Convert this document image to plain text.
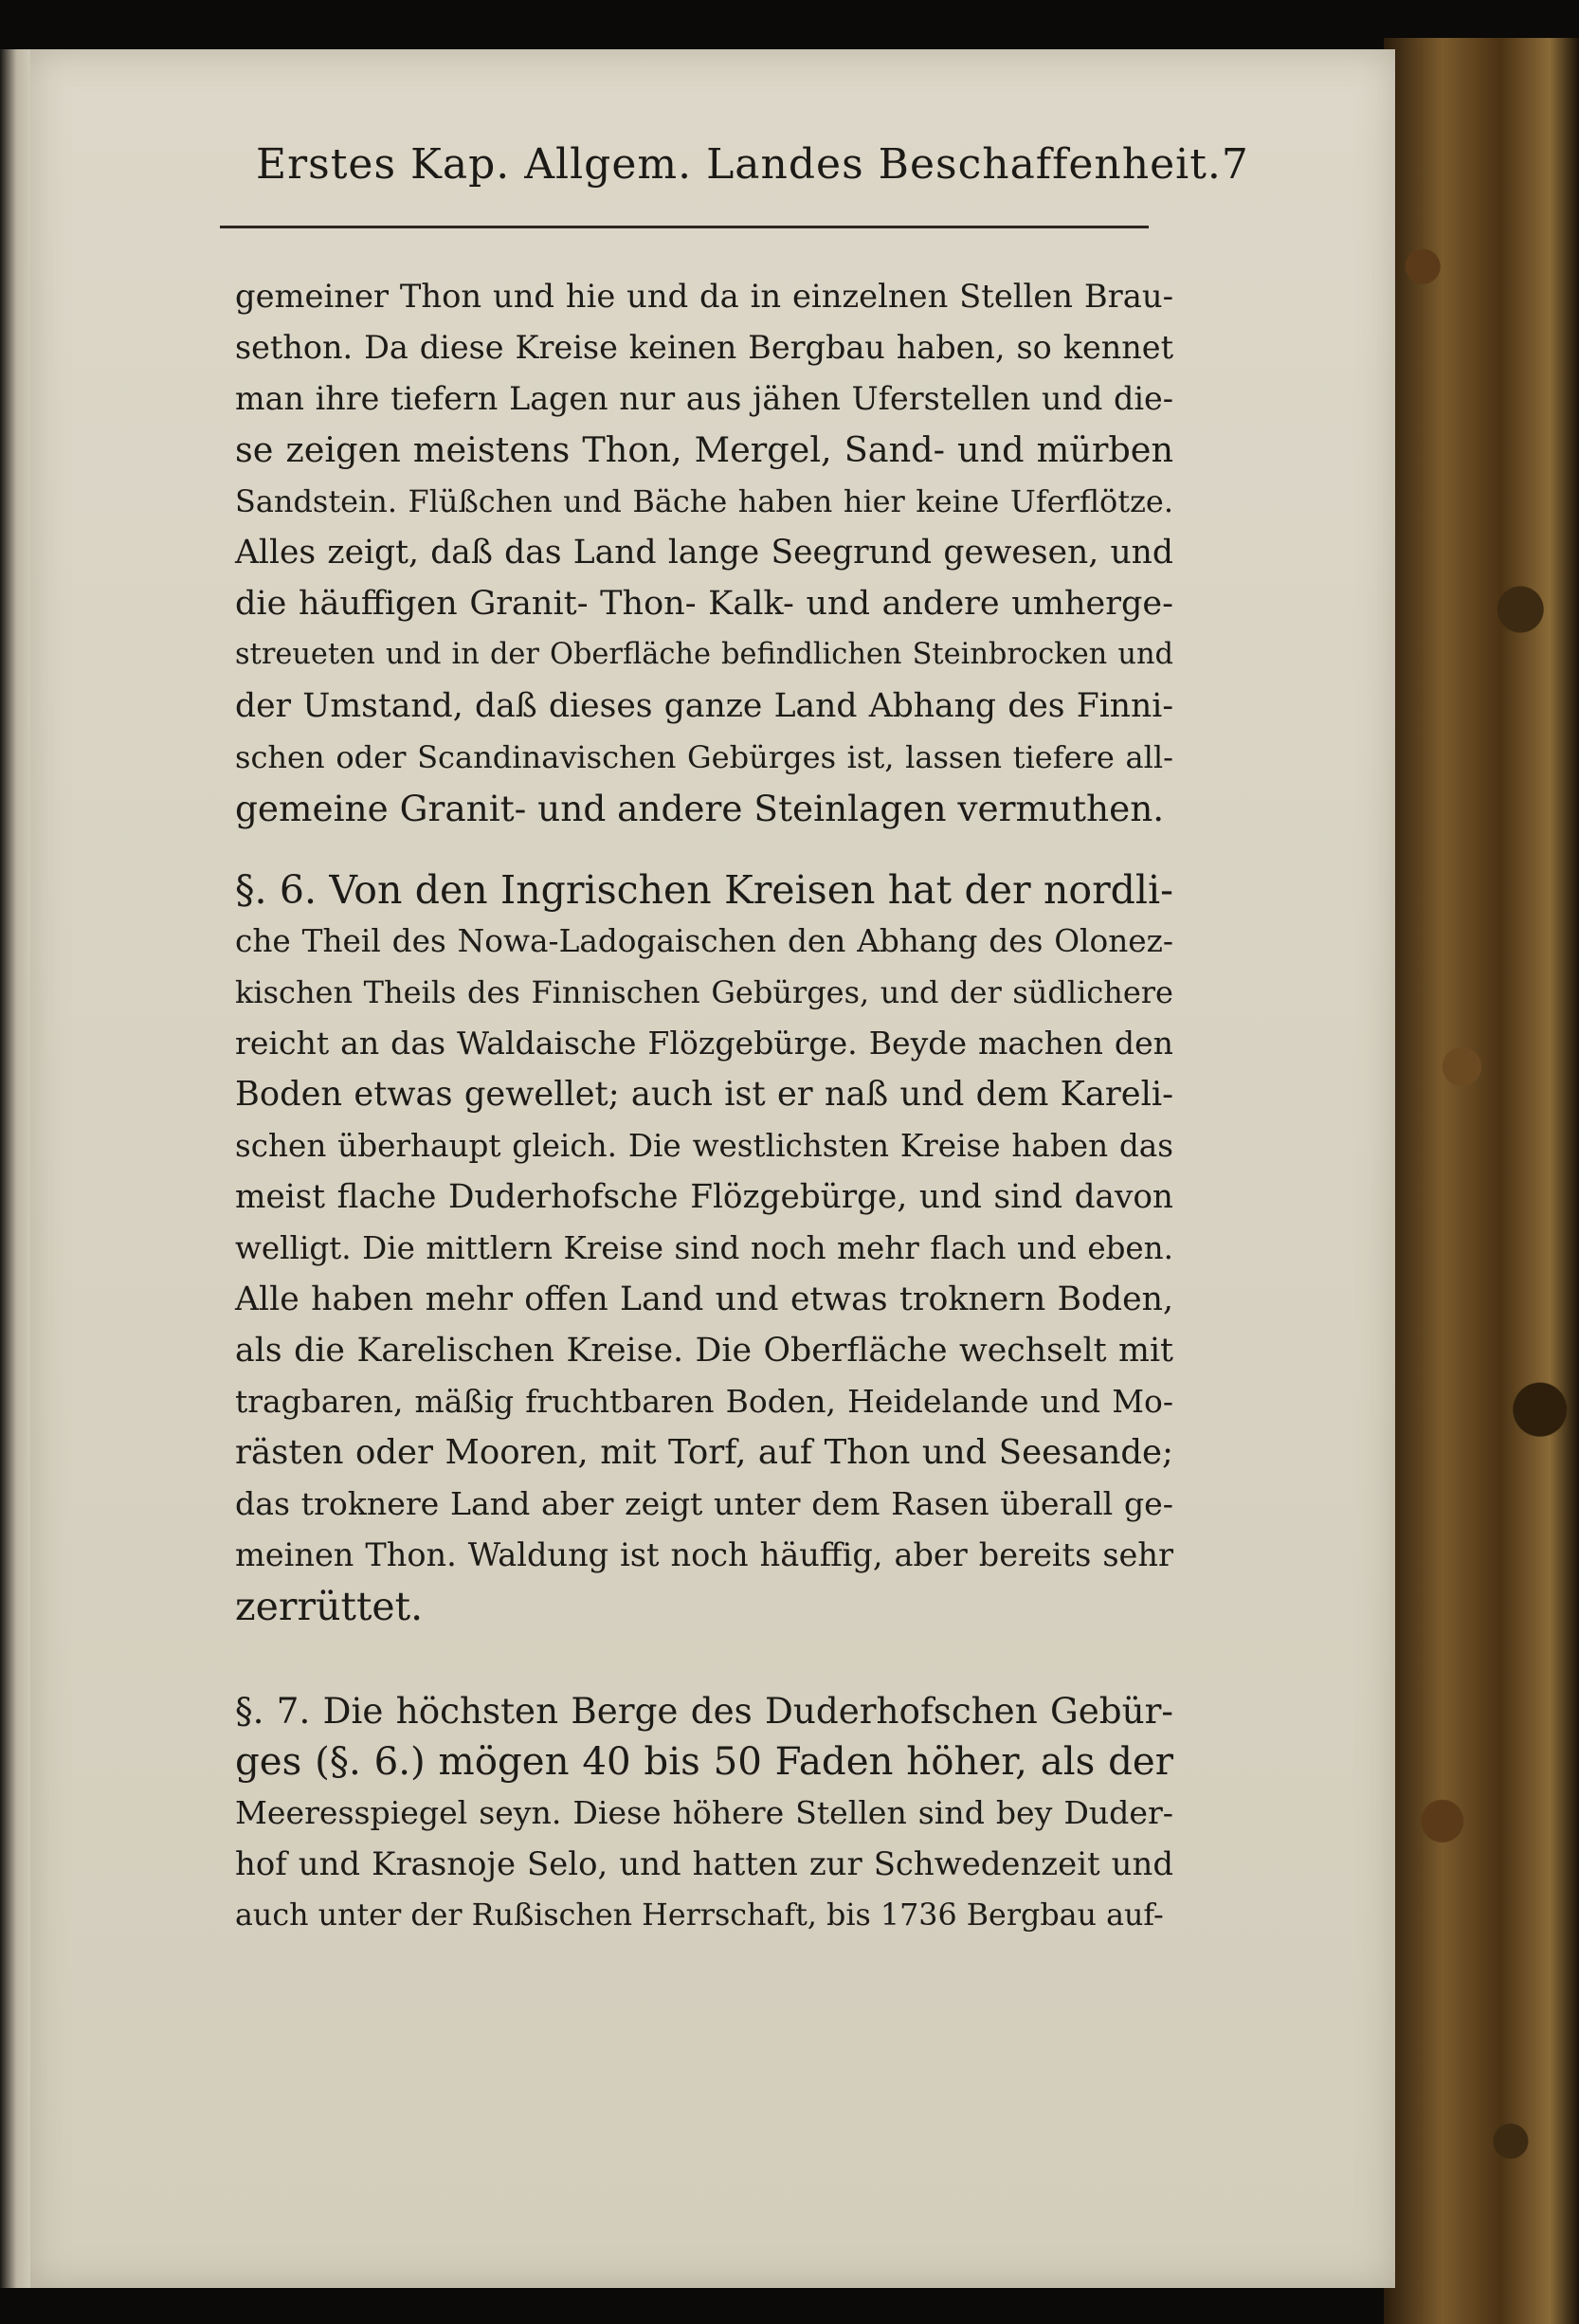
Erstes Kap. Allgem. Landes Beschaffenheit. 7
gemeiner Thon und hie und da in einzelnen Stellen Brau-
sethon. Da diese Kreise keinen Bergbau haben, so kennet
man ihre tiefern Lagen nur aus jähen Uferstellen und die-
se zeigen meistens Thon, Mergel, Sand- und mürben
Sandstein. Flüßchen und Bäche haben hier keine Uferflötze.
Alles zeigt, daß das Land lange Seegrund gewesen, und
die häuffigen Granit- Thon- Kalk- und andere umherge-
streueten und in der Oberfläche befindlichen Steinbrocken und
der Umstand, daß dieses ganze Land Abhang des Finni-
schen oder Scandinavischen Gebürges ist, lassen tiefere all-
gemeine Granit- und andere Steinlagen vermuthen.
§. 6. Von den Ingrischen Kreisen hat der nordli-
che Theil des Nowa-Ladogaischen den Abhang des Olonez-
kischen Theils des Finnischen Gebürges, und der südlichere
reicht an das Waldaische Flözgebürge. Beyde machen den
Boden etwas gewellet; auch ist er naß und dem Kareli-
schen überhaupt gleich. Die westlichsten Kreise haben das
meist flache Duderhofsche Flözgebürge, und sind davon
welligt. Die mittlern Kreise sind noch mehr flach und eben.
Alle haben mehr offen Land und etwas troknern Boden,
als die Karelischen Kreise. Die Oberfläche wechselt mit
tragbaren, mäßig fruchtbaren Boden, Heidelande und Mo-
rästen oder Mooren, mit Torf, auf Thon und Seesande;
das troknere Land aber zeigt unter dem Rasen überall ge-
meinen Thon. Waldung ist noch häuffig, aber bereits sehr
zerrüttet.
§. 7. Die höchsten Berge des Duderhofschen Gebür-
ges (§. 6.) mögen 40 bis 50 Faden höher, als der
Meeresspiegel seyn. Diese höhere Stellen sind bey Duder-
hof und Krasnoje Selo, und hatten zur Schwedenzeit und
auch unter der Rußischen Herrschaft, bis 1736 Bergbau auf-
